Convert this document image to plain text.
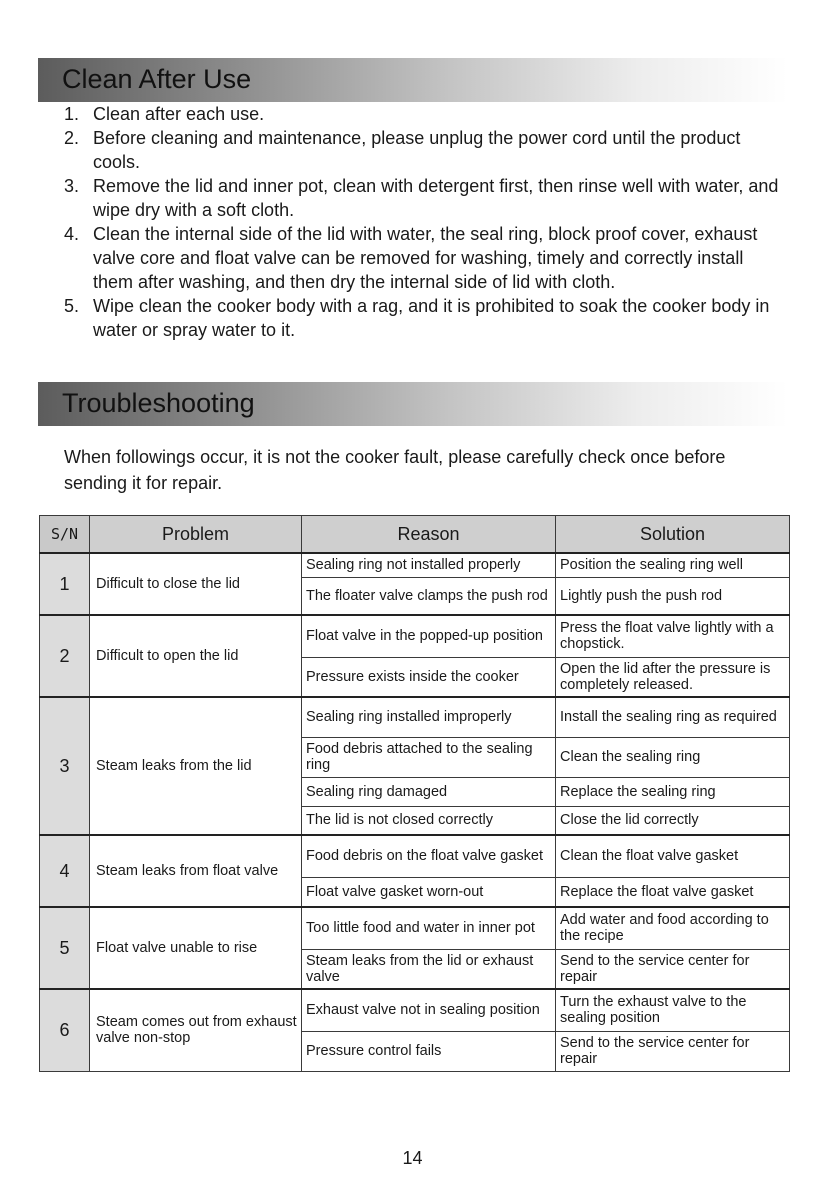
Clean After Use
1. Clean after each use.
2. Before cleaning and maintenance, please unplug the power cord until the product cools.
3. Remove the lid and inner pot, clean with detergent first, then rinse well with water, and wipe dry with a soft cloth.
4. Clean the internal side of the lid with water, the seal ring, block proof cover, exhaust valve core and float valve can be removed for washing, timely and correctly install them after washing, and then dry the internal side of lid with cloth.
5. Wipe clean the cooker body with a rag, and it is prohibited to soak the cooker body in water or spray water to it.
Troubleshooting

When followings occur, it is not the cooker fault, please carefully check once before sending it for repair.

S/N	Problem	Reason	Solution
1	Difficult to close the lid	Sealing ring not installed properly	Position the sealing ring well
		The floater valve clamps the push rod	Lightly push the push rod
2	Difficult to open the lid	Float valve in the popped-up position	Press the float valve lightly with a chopstick.
		Pressure exists inside the cooker	Open the lid after the pressure is completely released.
3	Steam leaks from the lid	Sealing ring installed improperly	Install the sealing ring as required
		Food debris attached to the sealing ring	Clean the sealing ring
		Sealing ring damaged	Replace the sealing ring
		The lid is not closed correctly	Close the lid correctly
4	Steam leaks from float valve	Food debris on the float valve gasket	Clean the float valve gasket
		Float valve gasket worn-out	Replace the float valve gasket
5	Float valve unable to rise	Too little food and water in inner pot	Add water and food according to the recipe
		Steam leaks from the lid or exhaust valve	Send to the service center for repair
6	Steam comes out from exhaust valve non-stop	Exhaust valve not in sealing position	Turn the exhaust valve to the sealing position
		Pressure control fails	Send to the service center for repair
14
